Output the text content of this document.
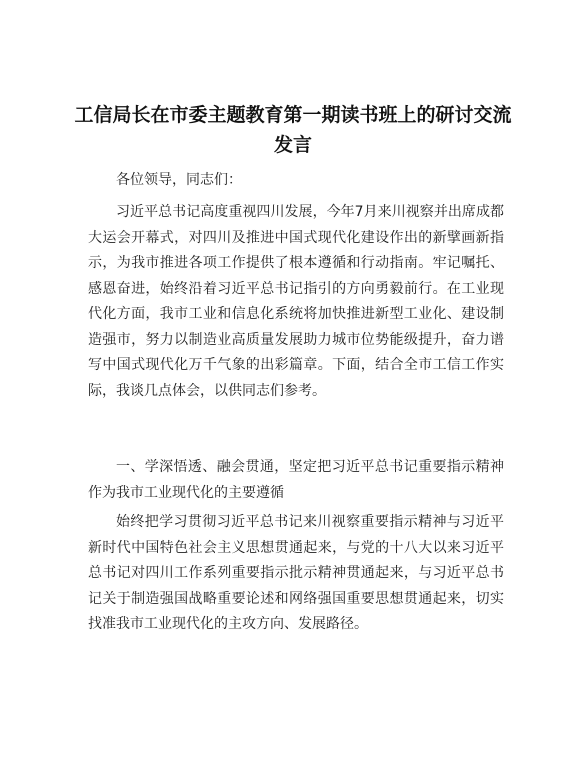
工信局长在市委主题教育第一期读书班上的研讨交流发言

各位领导，同志们：

习近平总书记高度重视四川发展，今年7月来川视察并出席成都大运会开幕式，对四川及推进中国式现代化建设作出的新擘画新指示，为我市推进各项工作提供了根本遵循和行动指南。牢记嘱托、感恩奋进，始终沿着习近平总书记指引的方向勇毅前行。在工业现代化方面，我市工业和信息化系统将加快推进新型工业化、建设制造强市，努力以制造业高质量发展助力城市位势能级提升，奋力谱写中国式现代化万千气象的出彩篇章。下面，结合全市工信工作实际，我谈几点体会，以供同志们参考。

一、学深悟透、融会贯通，坚定把习近平总书记重要指示精神作为我市工业现代化的主要遵循

始终把学习贯彻习近平总书记来川视察重要指示精神与习近平新时代中国特色社会主义思想贯通起来，与党的十八大以来习近平总书记对四川工作系列重要指示批示精神贯通起来，与习近平总书记关于制造强国战略重要论述和网络强国重要思想贯通起来，切实找准我市工业现代化的主攻方向、发展路径。
